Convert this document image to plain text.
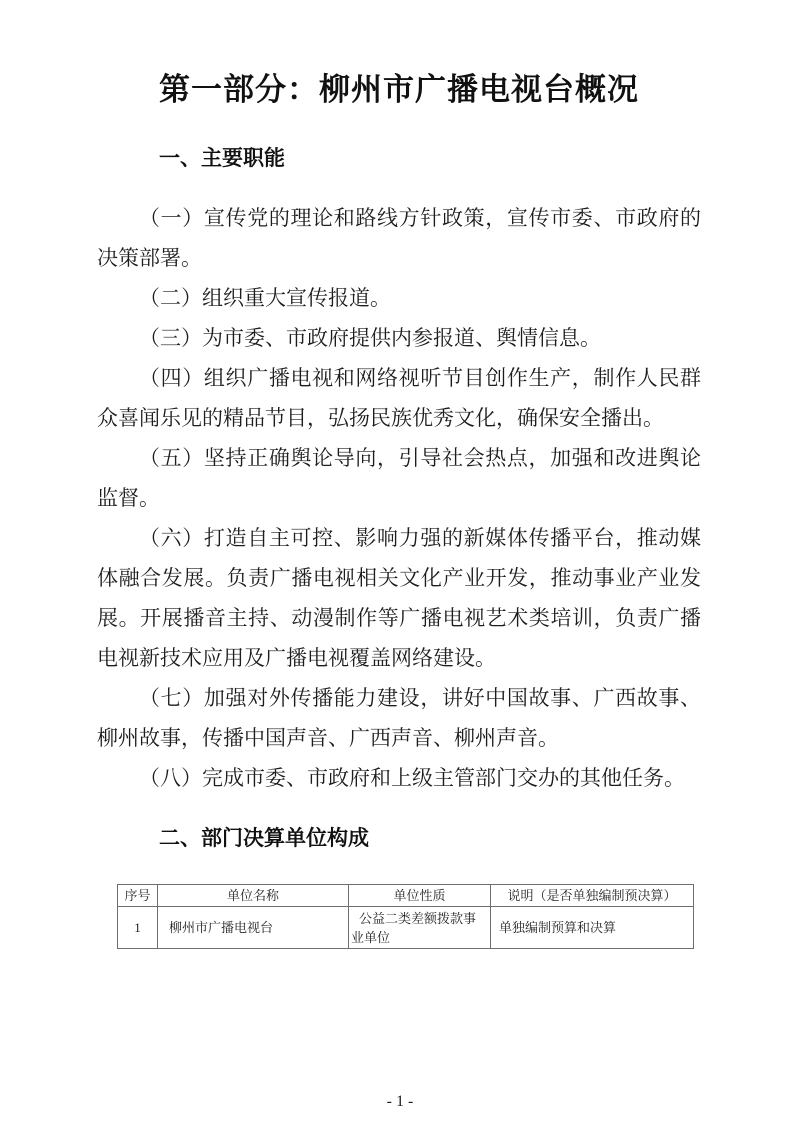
第一部分：柳州市广播电视台概况
一、主要职能

（一）宣传党的理论和路线方针政策，宣传市委、市政府的决策部署。

（二）组织重大宣传报道。

（三）为市委、市政府提供内参报道、舆情信息。

（四）组织广播电视和网络视听节目创作生产，制作人民群众喜闻乐见的精品节目，弘扬民族优秀文化，确保安全播出。

（五）坚持正确舆论导向，引导社会热点，加强和改进舆论监督。

（六）打造自主可控、影响力强的新媒体传播平台，推动媒体融合发展。负责广播电视相关文化产业开发，推动事业产业发展。开展播音主持、动漫制作等广播电视艺术类培训，负责广播电视新技术应用及广播电视覆盖网络建设。

（七）加强对外传播能力建设，讲好中国故事、广西故事、柳州故事，传播中国声音、广西声音、柳州声音。

（八）完成市委、市政府和上级主管部门交办的其他任务。

二、部门决算单位构成
序号	单位名称	单位性质	说明（是否单独编制预决算）
1	柳州市广播电视台	公益二类差额拨款事业单位	单独编制预算和决算
- 1 -
